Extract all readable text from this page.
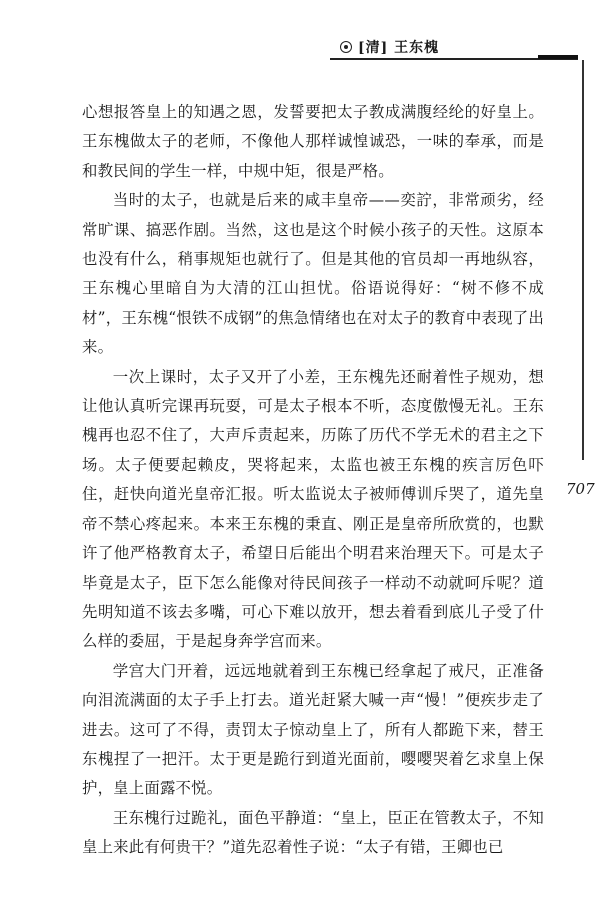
[清] 王东槐
707

心想报答皇上的知遇之恩，发誓要把太子教成满腹经纶的好皇上。王东槐做太子的老师，不像他人那样诚惶诚恐，一味的奉承，而是和教民间的学生一样，中规中矩，很是严格。

当时的太子，也就是后来的咸丰皇帝——奕詝，非常顽劣，经常旷课、搞恶作剧。当然，这也是这个时候小孩子的天性。这原本也没有什么，稍事规矩也就行了。但是其他的官员却一再地纵容，王东槐心里暗自为大清的江山担忧。俗语说得好：“树不修不成材”，王东槐“恨铁不成钢”的焦急情绪也在对太子的教育中表现了出来。

一次上课时，太子又开了小差，王东槐先还耐着性子规劝，想让他认真听完课再玩耍，可是太子根本不听，态度傲慢无礼。王东槐再也忍不住了，大声斥责起来，历陈了历代不学无术的君主之下场。太子便要起赖皮，哭将起来，太监也被王东槐的疾言厉色吓住，赶快向道光皇帝汇报。听太监说太子被师傅训斥哭了，道先皇帝不禁心疼起来。本来王东槐的秉直、刚正是皇帝所欣赏的，也默许了他严格教育太子，希望日后能出个明君来治理天下。可是太子毕竟是太子，臣下怎么能像对待民间孩子一样动不动就呵斥呢？道先明知道不该去多嘴，可心下难以放开，想去着看到底儿子受了什么样的委屈，于是起身奔学宫而来。

学宫大门开着，远远地就着到王东槐已经拿起了戒尺，正准备向泪流满面的太子手上打去。道光赶紧大喊一声“慢！”便疾步走了进去。这可了不得，责罚太子惊动皇上了，所有人都跪下来，替王东槐捏了一把汗。太于更是跪行到道光面前，嘤嘤哭着乞求皇上保护，皇上面露不悦。

王东槐行过跪礼，面色平静道：“皇上，臣正在管教太子，不知皇上来此有何贵干？”道先忍着性子说：“太子有错，王卿也已
